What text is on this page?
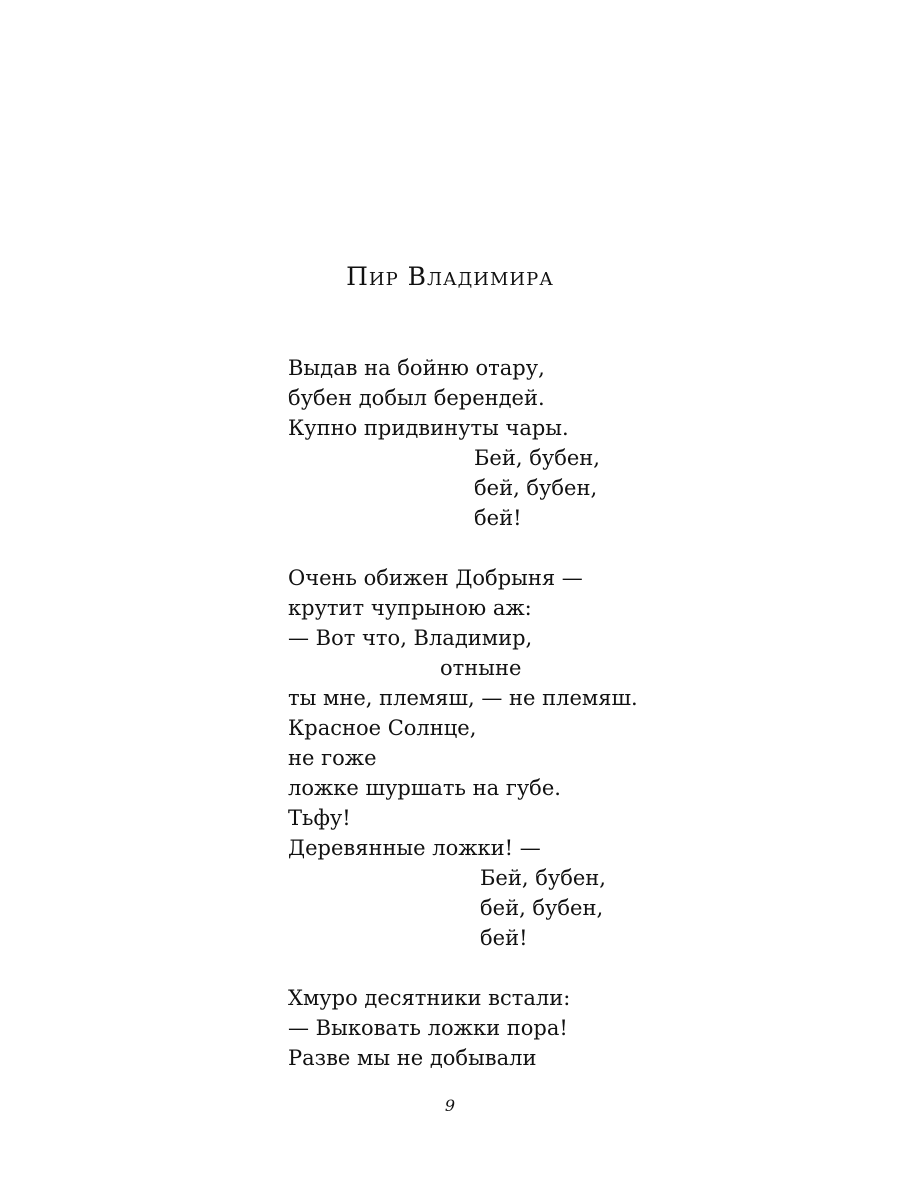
Пир Владимира
Выдав на бойню отару,
бубен добыл берендей.
Купно придвинуты чары.
Бей, бубен,
бей, бубен,
бей!
Очень обижен Добрыня —
крутит чупрыною аж:
— Вот что, Владимир,
отныне
ты мне, племяш, — не племяш.
Красное Солнце,
не гоже
ложке шуршать на губе.
Тьфу!
Деревянные ложки! —
Бей, бубен,
бей, бубен,
бей!
Хмуро десятники встали:
— Выковать ложки пора!
Разве мы не добывали
9
